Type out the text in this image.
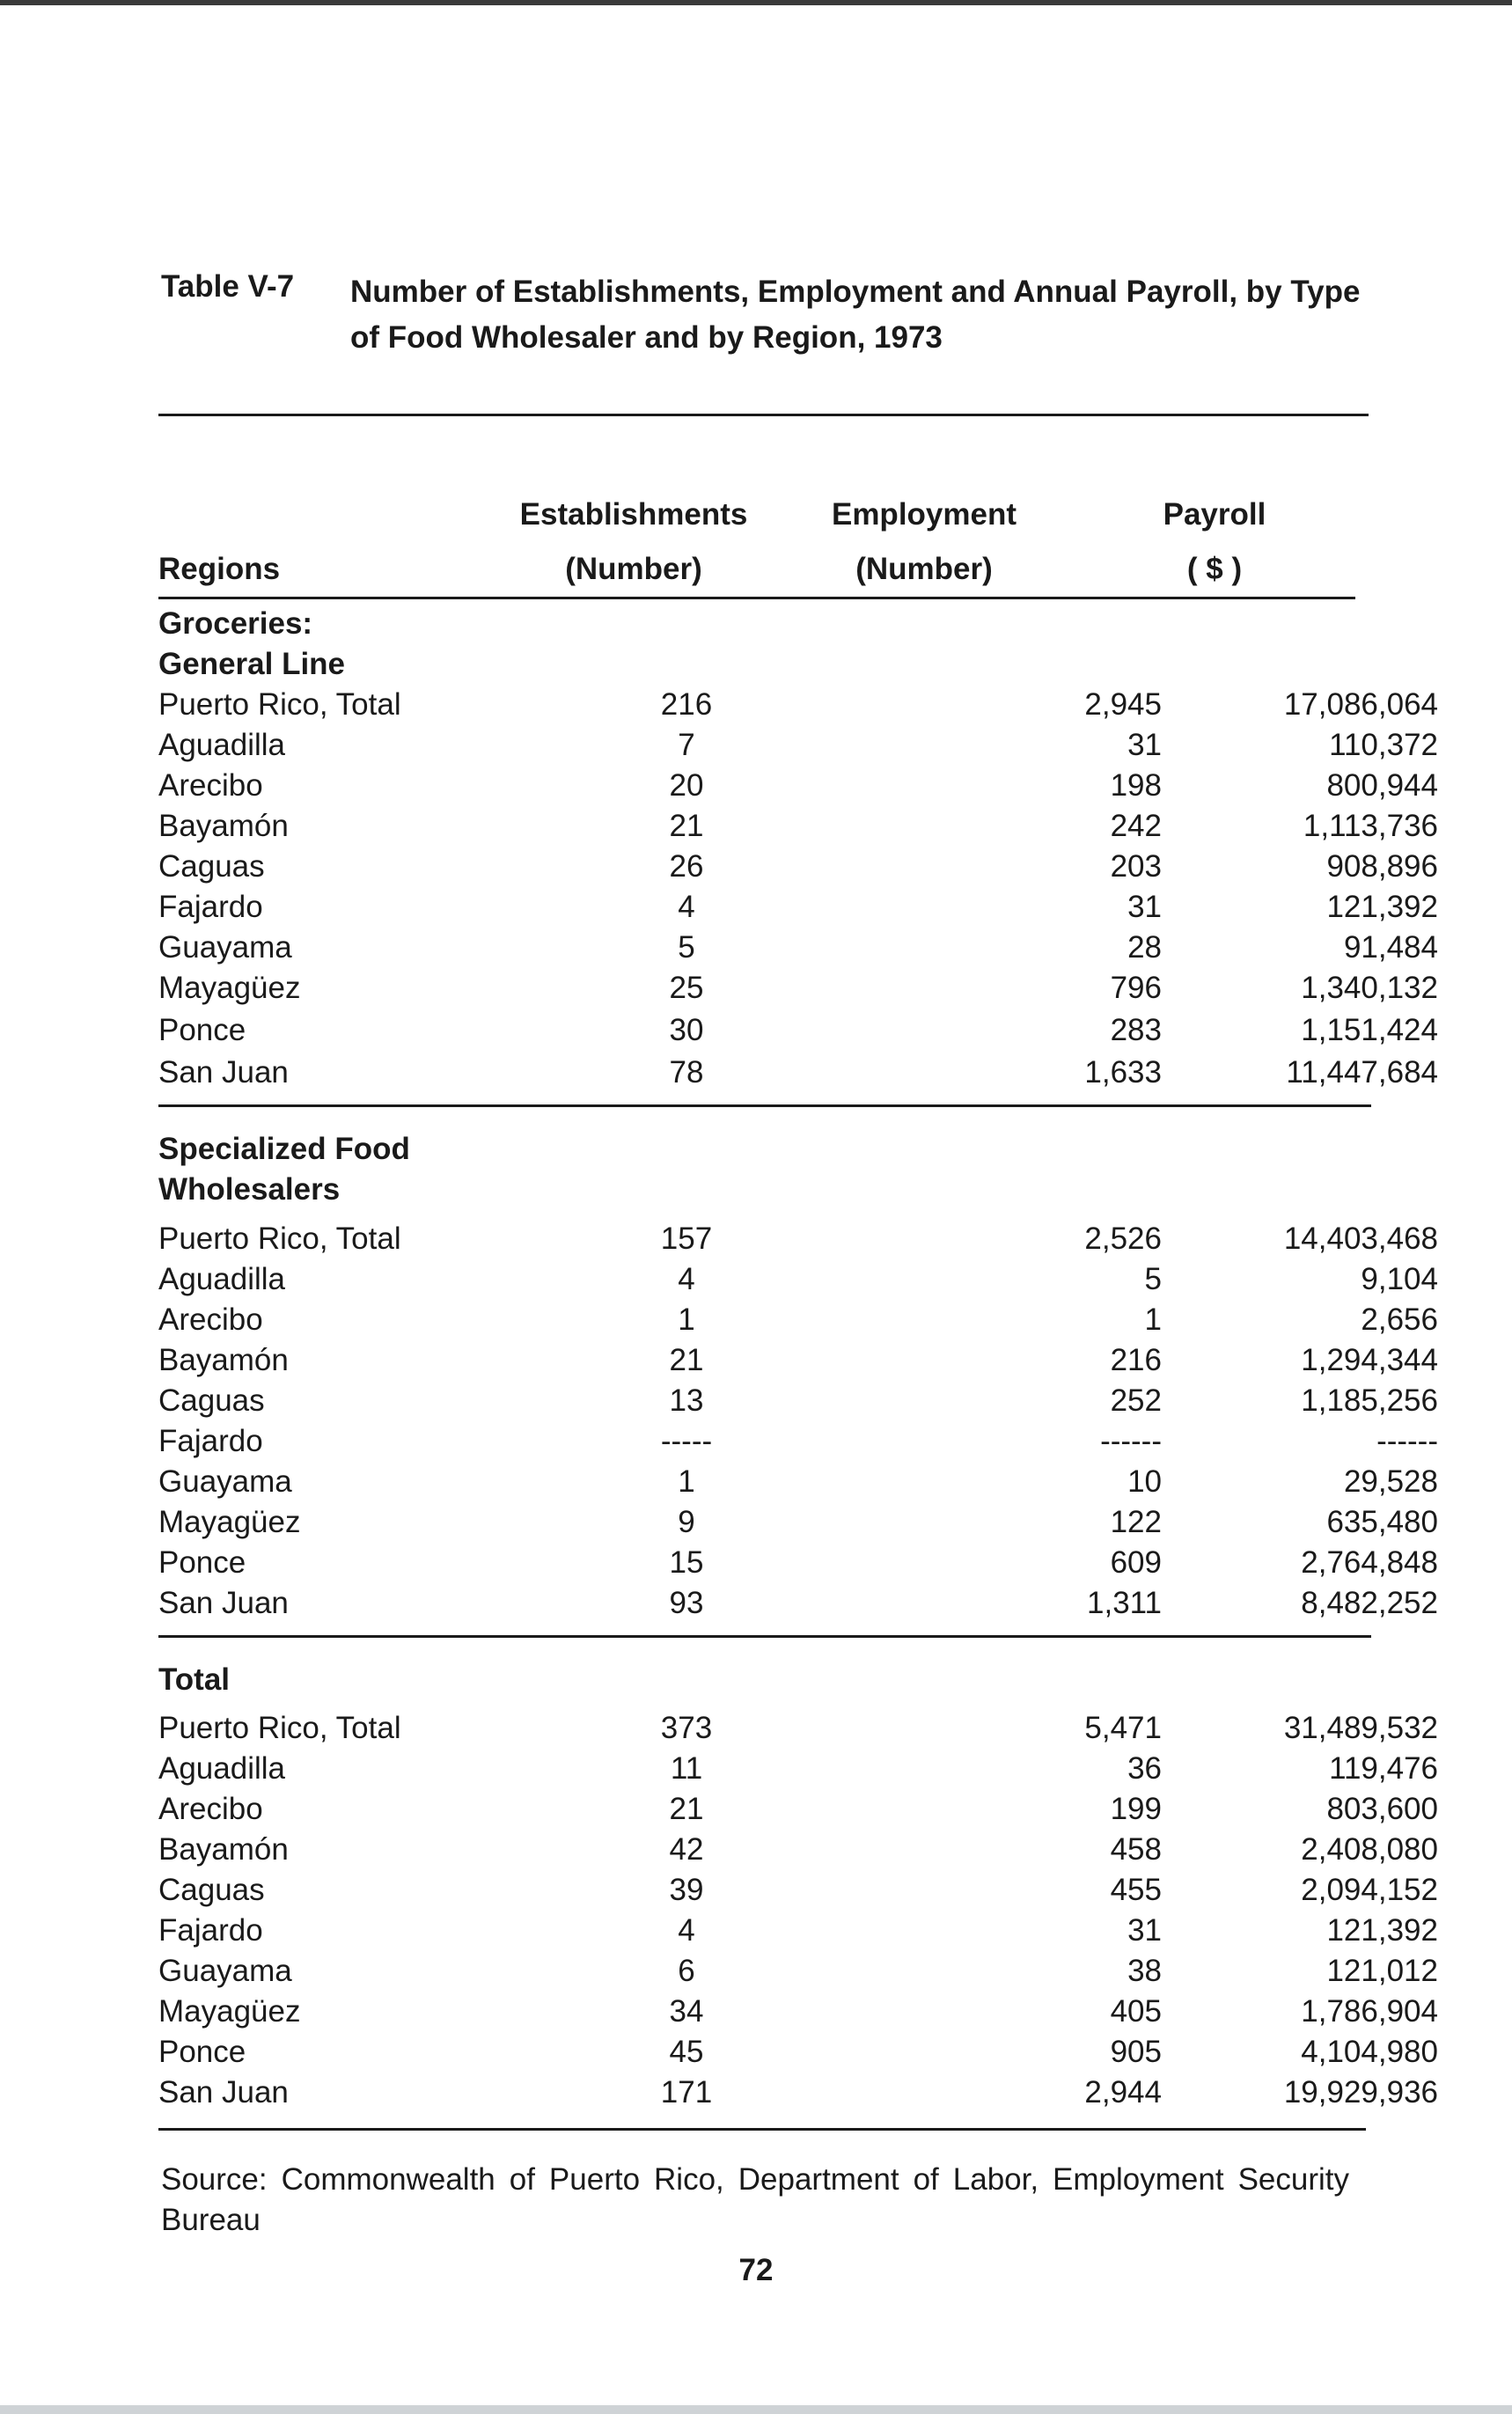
Table V-7 Number of Establishments, Employment and Annual Payroll, by Type of Food Wholesaler and by Region, 1973
Establishments	Employment	Payroll
Regions	(Number)	(Number)	( $ )
Groceries:
General Line
Puerto Rico, Total	216	2,945	17,086,064
Aguadilla	7	31	110,372
Arecibo	20	198	800,944
Bayamón	21	242	1,113,736
Caguas	26	203	908,896
Fajardo	4	31	121,392
Guayama	5	28	91,484
Mayagüez	25	796	1,340,132
Ponce	30	283	1,151,424
San Juan	78	1,633	11,447,684
Specialized Food
Wholesalers
Puerto Rico, Total	157	2,526	14,403,468
Aguadilla	4	5	9,104
Arecibo	1	1	2,656
Bayamón	21	216	1,294,344
Caguas	13	252	1,185,256
Fajardo	-----	------	------
Guayama	1	10	29,528
Mayagüez	9	122	635,480
Ponce	15	609	2,764,848
San Juan	93	1,311	8,482,252
Total
Puerto Rico, Total	373	5,471	31,489,532
Aguadilla	11	36	119,476
Arecibo	21	199	803,600
Bayamón	42	458	2,408,080
Caguas	39	455	2,094,152
Fajardo	4	31	121,392
Guayama	6	38	121,012
Mayagüez	34	405	1,786,904
Ponce	45	905	4,104,980
San Juan	171	2,944	19,929,936
Source: Commonwealth of Puerto Rico, Department of Labor, Employment Security Bureau
72
